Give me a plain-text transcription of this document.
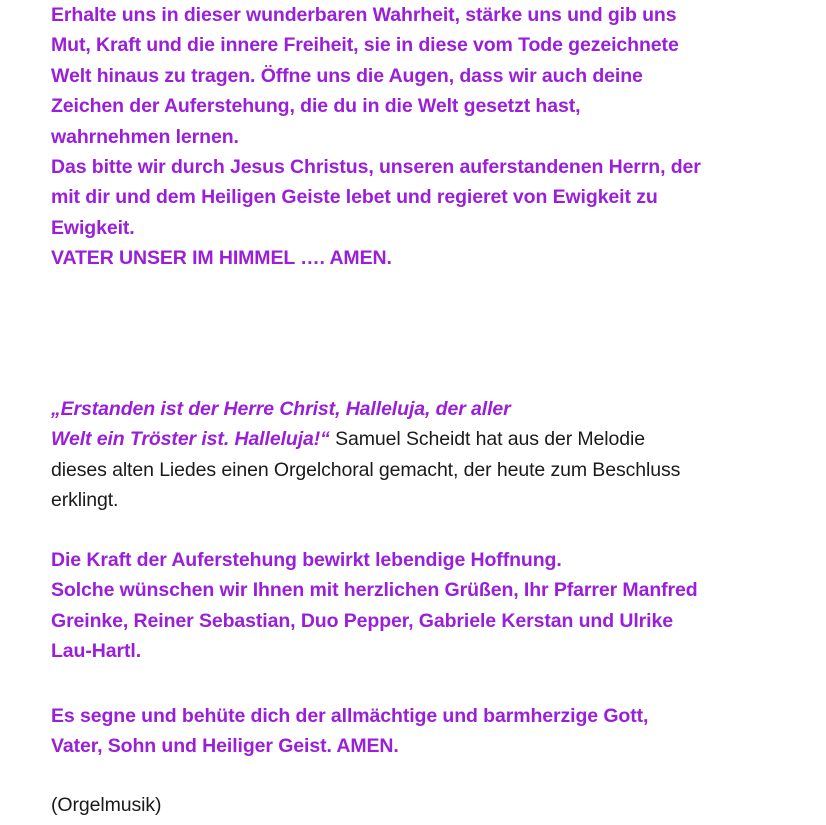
Erhalte uns in dieser wunderbaren Wahrheit, stärke uns und gib uns
Mut, Kraft und die innere Freiheit, sie in diese vom Tode gezeichnete
Welt hinaus zu tragen. Öffne uns die Augen, dass wir auch deine
Zeichen der Auferstehung, die du in die Welt gesetzt hast,
wahrnehmen lernen.
Das bitte wir durch Jesus Christus, unseren auferstandenen Herrn, der
mit dir und dem Heiligen Geiste lebet und regieret von Ewigkeit zu
Ewigkeit.
VATER UNSER IM HIMMEL …. AMEN.
„Erstanden ist der Herre Christ, Halleluja, der aller
Welt ein Tröster ist. Halleluja!“ Samuel Scheidt hat aus der Melodie
dieses alten Liedes einen Orgelchoral gemacht, der heute zum Beschluss
erklingt.
Die Kraft der Auferstehung bewirkt lebendige Hoffnung.
Solche wünschen wir Ihnen mit herzlichen Grüßen, Ihr Pfarrer Manfred
Greinke, Reiner Sebastian, Duo Pepper, Gabriele Kerstan und Ulrike
Lau-Hartl.
Es segne und behüte dich der allmächtige und barmherzige Gott,
Vater, Sohn und Heiliger Geist. AMEN.
(Orgelmusik)
